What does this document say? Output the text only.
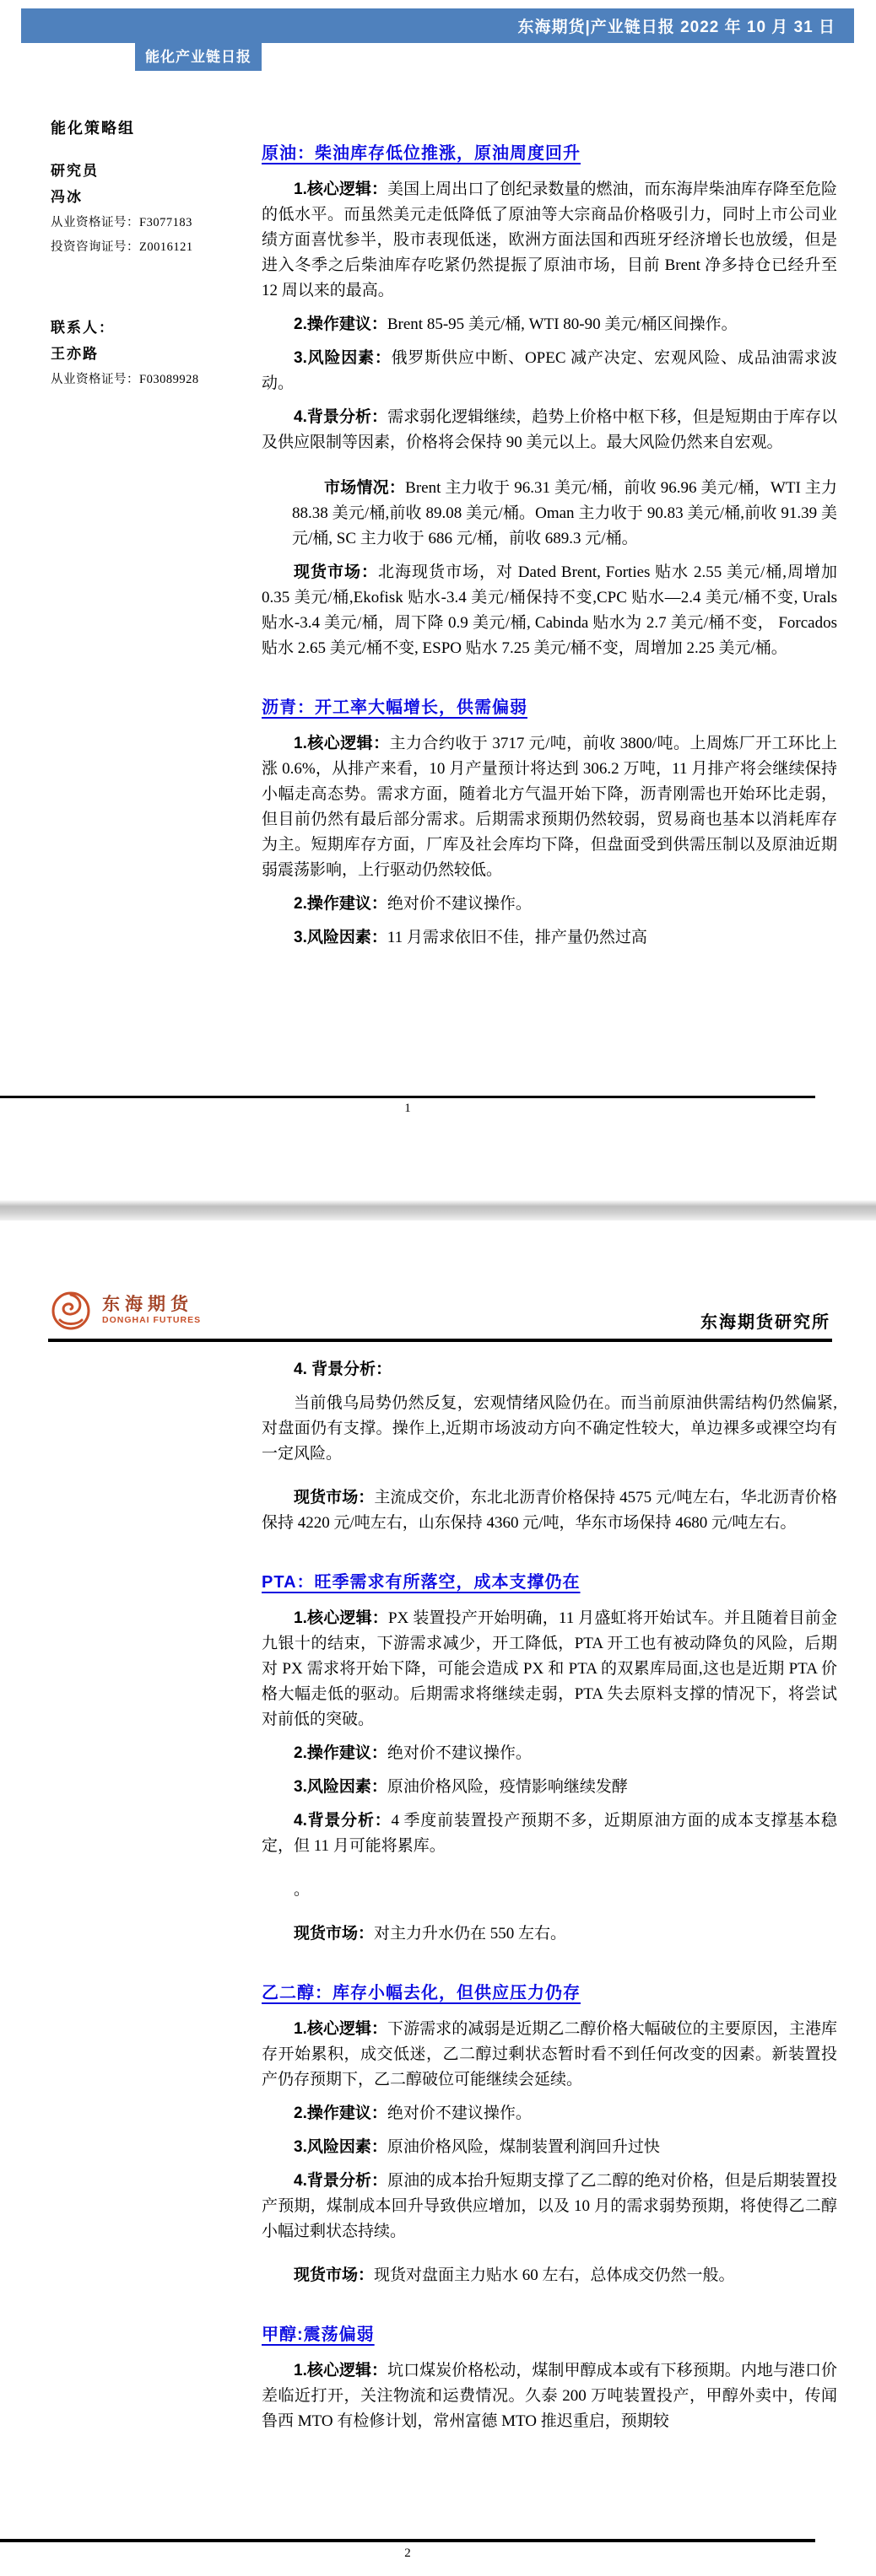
东海期货|产业链日报 2022 年 10 月 31 日
能化产业链日报
能化策略组
研究员
冯冰
从业资格证号：F3077183
投资咨询证号：Z0016121
联系人：
王亦路
从业资格证号：F03089928
原油：柴油库存低位推涨，原油周度回升

1.核心逻辑：美国上周出口了创纪录数量的燃油，而东海岸柴油库存降至危险的低水平。而虽然美元走低降低了原油等大宗商品价格吸引力，同时上市公司业绩方面喜忧参半，股市表现低迷，欧洲方面法国和西班牙经济增长也放缓，但是进入冬季之后柴油库存吃紧仍然提振了原油市场，目前 Brent 净多持仓已经升至 12 周以来的最高。

2.操作建议：Brent 85-95 美元/桶, WTI 80-90 美元/桶区间操作。

3.风险因素：俄罗斯供应中断、OPEC 减产决定、宏观风险、成品油需求波动。

4.背景分析：需求弱化逻辑继续，趋势上价格中枢下移，但是短期由于库存以及供应限制等因素，价格将会保持 90 美元以上。最大风险仍然来自宏观。

市场情况：Brent 主力收于 96.31 美元/桶，前收 96.96 美元/桶，WTI 主力 88.38 美元/桶,前收 89.08 美元/桶。Oman 主力收于 90.83 美元/桶,前收 91.39 美元/桶, SC 主力收于 686 元/桶，前收 689.3 元/桶。

现货市场：北海现货市场，对 Dated Brent, Forties 贴水 2.55 美元/桶,周增加 0.35 美元/桶,Ekofisk 贴水-3.4 美元/桶保持不变,CPC 贴水—2.4 美元/桶不变, Urals 贴水-3.4 美元/桶，周下降 0.9 美元/桶, Cabinda 贴水为 2.7 美元/桶不变， Forcados 贴水 2.65 美元/桶不变, ESPO 贴水 7.25 美元/桶不变，周增加 2.25 美元/桶。

沥青：开工率大幅增长，供需偏弱

1.核心逻辑：主力合约收于 3717 元/吨，前收 3800/吨。上周炼厂开工环比上涨 0.6%，从排产来看，10 月产量预计将达到 306.2 万吨，11 月排产将会继续保持小幅走高态势。需求方面，随着北方气温开始下降，沥青刚需也开始环比走弱，但目前仍然有最后部分需求。后期需求预期仍然较弱，贸易商也基本以消耗库存为主。短期库存方面，厂库及社会库均下降，但盘面受到供需压制以及原油近期弱震荡影响，上行驱动仍然较低。

2.操作建议：绝对价不建议操作。

3.风险因素：11 月需求依旧不佳，排产量仍然过高

1
东海期货
DONGHAI FUTURES	东海期货研究所

4. 背景分析：

当前俄乌局势仍然反复，宏观情绪风险仍在。而当前原油供需结构仍然偏紧,对盘面仍有支撑。操作上,近期市场波动方向不确定性较大，单边裸多或裸空均有一定风险。

现货市场：主流成交价，东北北沥青价格保持 4575 元/吨左右，华北沥青价格保持 4220 元/吨左右，山东保持 4360 元/吨，华东市场保持 4680 元/吨左右。

PTA：旺季需求有所落空，成本支撑仍在

1.核心逻辑：PX 装置投产开始明确，11 月盛虹将开始试车。并且随着目前金九银十的结束，下游需求减少，开工降低，PTA 开工也有被动降负的风险，后期对 PX 需求将开始下降，可能会造成 PX 和 PTA 的双累库局面,这也是近期 PTA 价格大幅走低的驱动。后期需求将继续走弱，PTA 失去原料支撑的情况下，将尝试对前低的突破。

2.操作建议：绝对价不建议操作。

3.风险因素：原油价格风险，疫情影响继续发酵

4.背景分析：4 季度前装置投产预期不多，近期原油方面的成本支撑基本稳定，但 11 月可能将累库。

。

现货市场：对主力升水仍在 550 左右。

乙二醇：库存小幅去化，但供应压力仍存

1.核心逻辑：下游需求的减弱是近期乙二醇价格大幅破位的主要原因，主港库存开始累积，成交低迷，乙二醇过剩状态暂时看不到任何改变的因素。新装置投产仍存预期下，乙二醇破位可能继续会延续。

2.操作建议：绝对价不建议操作。

3.风险因素：原油价格风险，煤制装置利润回升过快

4.背景分析：原油的成本抬升短期支撑了乙二醇的绝对价格，但是后期装置投产预期，煤制成本回升导致供应增加，以及 10 月的需求弱势预期，将使得乙二醇小幅过剩状态持续。

现货市场：现货对盘面主力贴水 60 左右，总体成交仍然一般。

甲醇:震荡偏弱

1.核心逻辑：坑口煤炭价格松动，煤制甲醇成本或有下移预期。内地与港口价差临近打开，关注物流和运费情况。久泰 200 万吨装置投产，甲醇外卖中，传闻鲁西 MTO 有检修计划，常州富德 MTO 推迟重启，预期较

2
